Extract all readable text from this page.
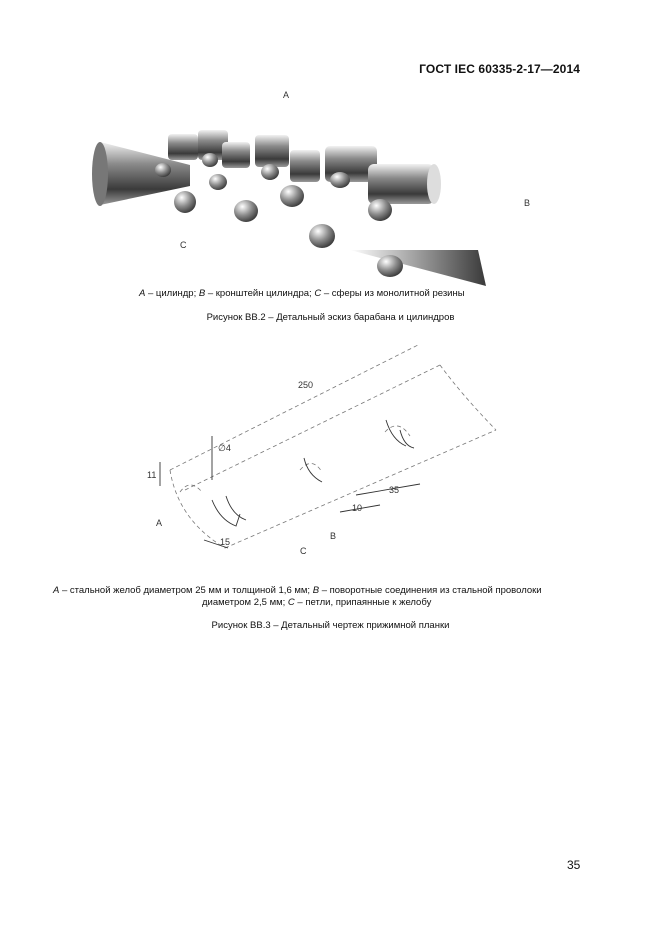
ГОСТ IEC 60335-2-17—2014
A
B
C
A – цилиндр; B – кронштейн цилиндра; C – сферы из монолитной резины
Рисунок ВВ.2 – Детальный эскиз барабана и цилиндров
250
∅4
11
35
10
15
A
B
C
A – стальной желоб диаметром 25 мм и толщиной 1,6 мм; B – поворотные соединения из стальной проволоки
диаметром 2,5 мм; C – петли, припаянные к желобу
Рисунок ВВ.3 – Детальный чертеж прижимной планки
35
